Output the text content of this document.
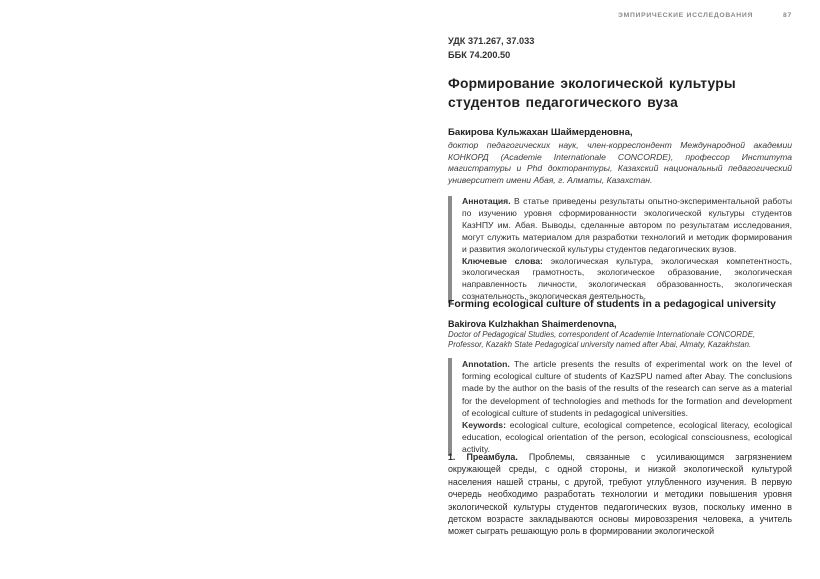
ЭМПИРИЧЕСКИЕ ИССЛЕДОВАНИЯ	87
УДК 371.267, 37.033
ББК 74.200.50
Формирование экологической культуры студентов педагогического вуза
Бакирова Кульжахан Шаймерденовна,
доктор педагогических наук, член-корреспондент Международной академии КОНКОРД (Academie Internationale CONCORDE), профессор Института магистратуры и Phd докторантуры, Казахский национальный педагогический университет имени Абая, г. Алматы, Казахстан.
Аннотация. В статье приведены результаты опытно-экспериментальной работы по изучению уровня сформированности экологической культуры студентов КазНПУ им. Абая. Выводы, сделанные автором по результатам исследования, могут служить материалом для разработки технологий и методик формирования и развития экологической культуры студентов педагогических вузов.
Ключевые слова: экологическая культура, экологическая компетентность, экологическая грамотность, экологическое образование, экологическая направленность личности, экологическая образованность, экологическая сознательность, экологическая деятельность.
Forming ecological culture of students in a pedagogical university
Bakirova Kulzhakhan Shaimerdenovna,
Doctor of Pedagogical Studies, correspondent of Academie Internationale CONCORDE, Professor, Kazakh State Pedagogical university named after Abai, Almaty, Kazakhstan.
Annotation. The article presents the results of experimental work on the level of forming ecological culture of students of KazSPU named after Abay. The conclusions made by the author on the basis of the results of the research can serve as a material for the development of technologies and methods for the formation and development of ecological culture of students in pedagogical universities.
Keywords: ecological culture, ecological competence, ecological literacy, ecological education, ecological orientation of the person, ecological consciousness, ecological activity.
1. Преамбула. Проблемы, связанные с усиливающимся загрязнением окружающей среды, с одной стороны, и низкой экологической культурой населения нашей страны, с другой, требуют углубленного изучения. В первую очередь необходимо разработать технологии и методики повышения уровня экологической культуры студентов педагогических вузов, поскольку именно в детском возрасте закладываются основы мировоззрения человека, а учитель может сыграть решающую роль в формировании экологической
